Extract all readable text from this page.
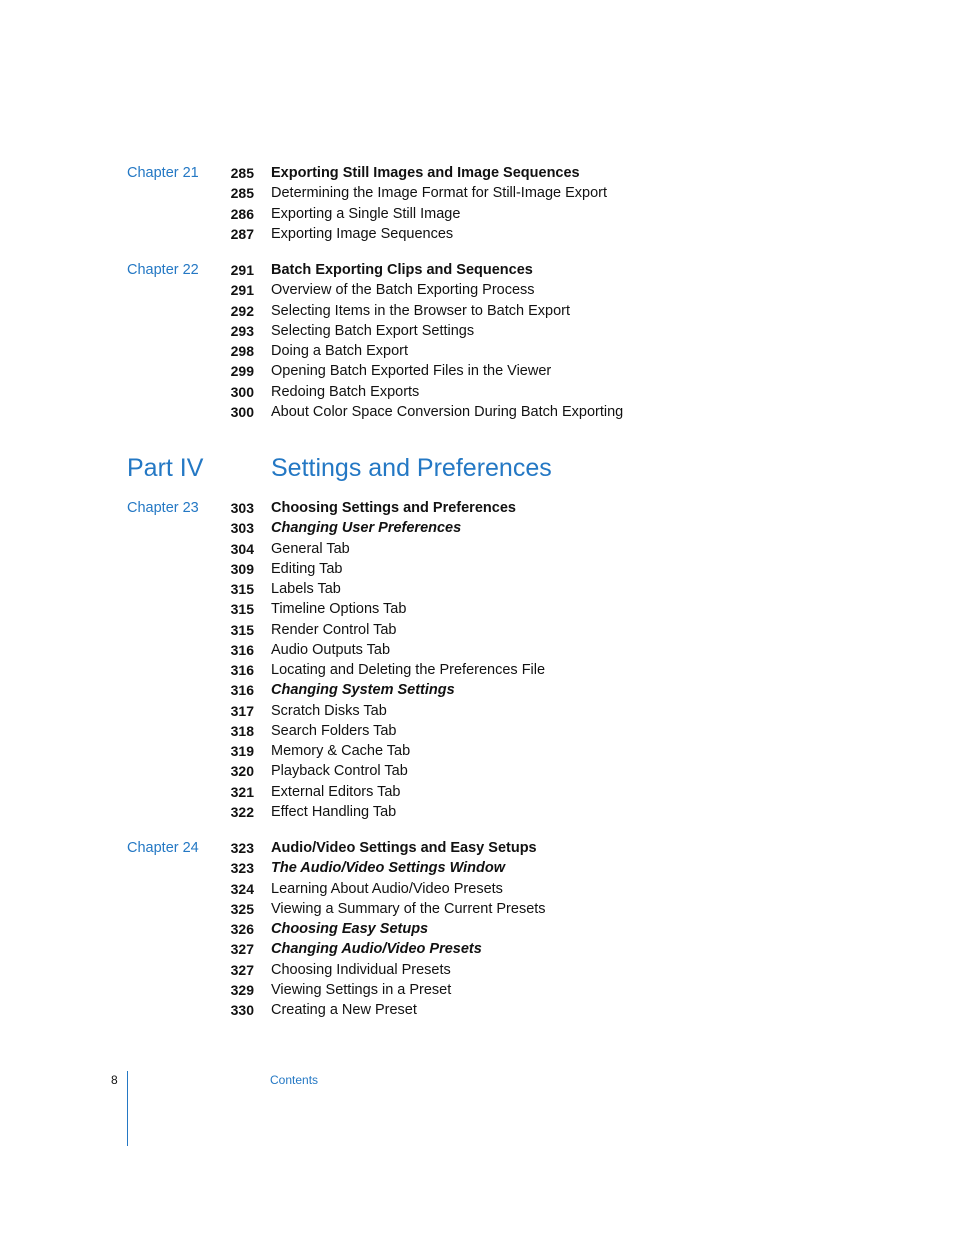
Chapter 21 285 Exporting Still Images and Image Sequences
285 Determining the Image Format for Still-Image Export
286 Exporting a Single Still Image
287 Exporting Image Sequences
Chapter 22 291 Batch Exporting Clips and Sequences
291 Overview of the Batch Exporting Process
292 Selecting Items in the Browser to Batch Export
293 Selecting Batch Export Settings
298 Doing a Batch Export
299 Opening Batch Exported Files in the Viewer
300 Redoing Batch Exports
300 About Color Space Conversion During Batch Exporting
Part IV	Settings and Preferences
Chapter 23 303 Choosing Settings and Preferences
303 Changing User Preferences
304 General Tab
309 Editing Tab
315 Labels Tab
315 Timeline Options Tab
315 Render Control Tab
316 Audio Outputs Tab
316 Locating and Deleting the Preferences File
316 Changing System Settings
317 Scratch Disks Tab
318 Search Folders Tab
319 Memory & Cache Tab
320 Playback Control Tab
321 External Editors Tab
322 Effect Handling Tab
Chapter 24 323 Audio/Video Settings and Easy Setups
323 The Audio/Video Settings Window
324 Learning About Audio/Video Presets
325 Viewing a Summary of the Current Presets
326 Choosing Easy Setups
327 Changing Audio/Video Presets
327 Choosing Individual Presets
329 Viewing Settings in a Preset
330 Creating a New Preset
8	Contents
